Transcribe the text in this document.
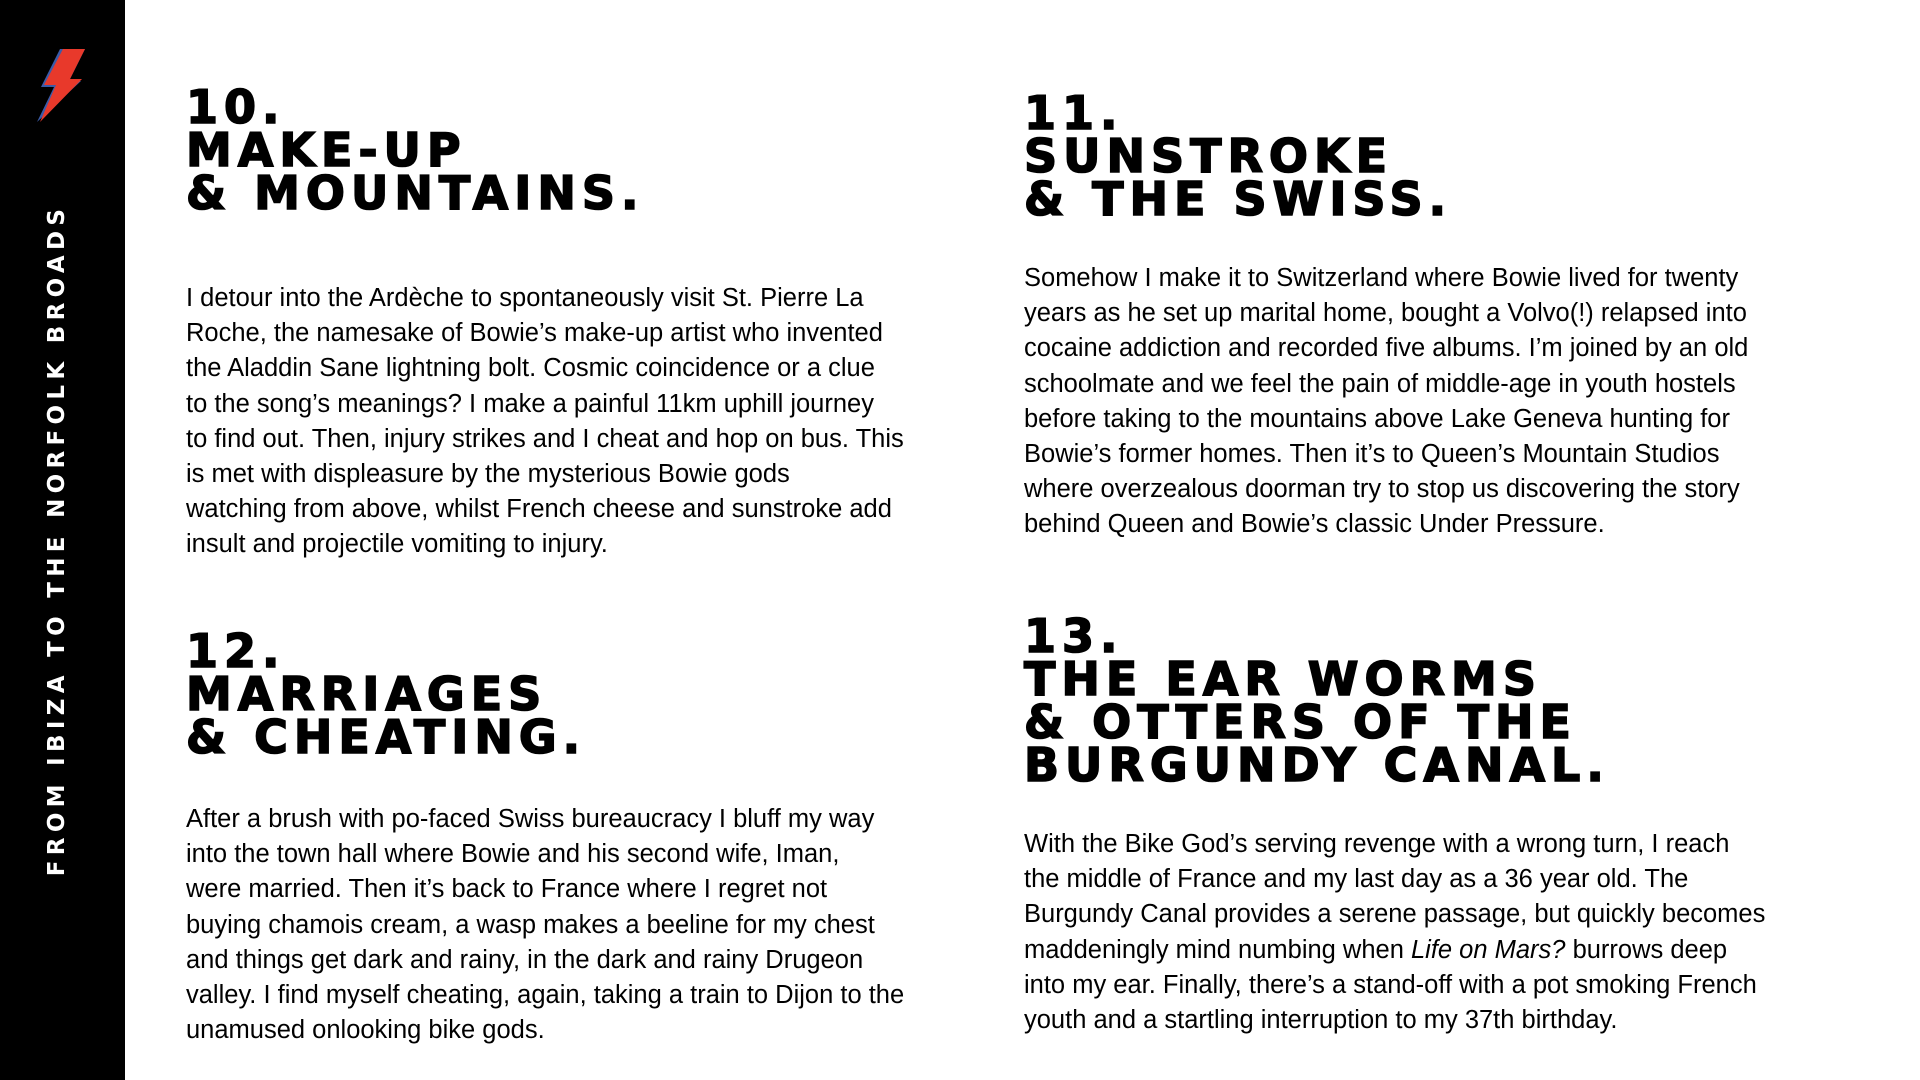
FROM IBIZA TO THE NORFOLK BROADS
10.
MAKE-UP
& MOUNTAINS.

I detour into the Ardèche to spontaneously visit St. Pierre La
Roche, the namesake of Bowie’s make-up artist who invented
the Aladdin Sane lightning bolt. Cosmic coincidence or a clue
to the song’s meanings? I make a painful 11km uphill journey
to find out. Then, injury strikes and I cheat and hop on bus. This
is met with displeasure by the mysterious Bowie gods
watching from above, whilst French cheese and sunstroke add
insult and projectile vomiting to injury.

11.
SUNSTROKE
& THE SWISS.

Somehow I make it to Switzerland where Bowie lived for twenty
years as he set up marital home, bought a Volvo(!) relapsed into
cocaine addiction and recorded five albums. I’m joined by an old
schoolmate and we feel the pain of middle-age in youth hostels
before taking to the mountains above Lake Geneva hunting for
Bowie’s former homes. Then it’s to Queen’s Mountain Studios
where overzealous doorman try to stop us discovering the story
behind Queen and Bowie’s classic Under Pressure.

12.
MARRIAGES
& CHEATING.

After a brush with po-faced Swiss bureaucracy I bluff my way
into the town hall where Bowie and his second wife, Iman,
were married. Then it’s back to France where I regret not
buying chamois cream, a wasp makes a beeline for my chest
and things get dark and rainy, in the dark and rainy Drugeon
valley. I find myself cheating, again, taking a train to Dijon to the
unamused onlooking bike gods.

13.
THE EAR WORMS
& OTTERS OF THE
BURGUNDY CANAL.

With the Bike God’s serving revenge with a wrong turn, I reach
the middle of France and my last day as a 36 year old. The
Burgundy Canal provides a serene passage, but quickly becomes
maddeningly mind numbing when Life on Mars? burrows deep
into my ear. Finally, there’s a stand-off with a pot smoking French
youth and a startling interruption to my 37th birthday.
